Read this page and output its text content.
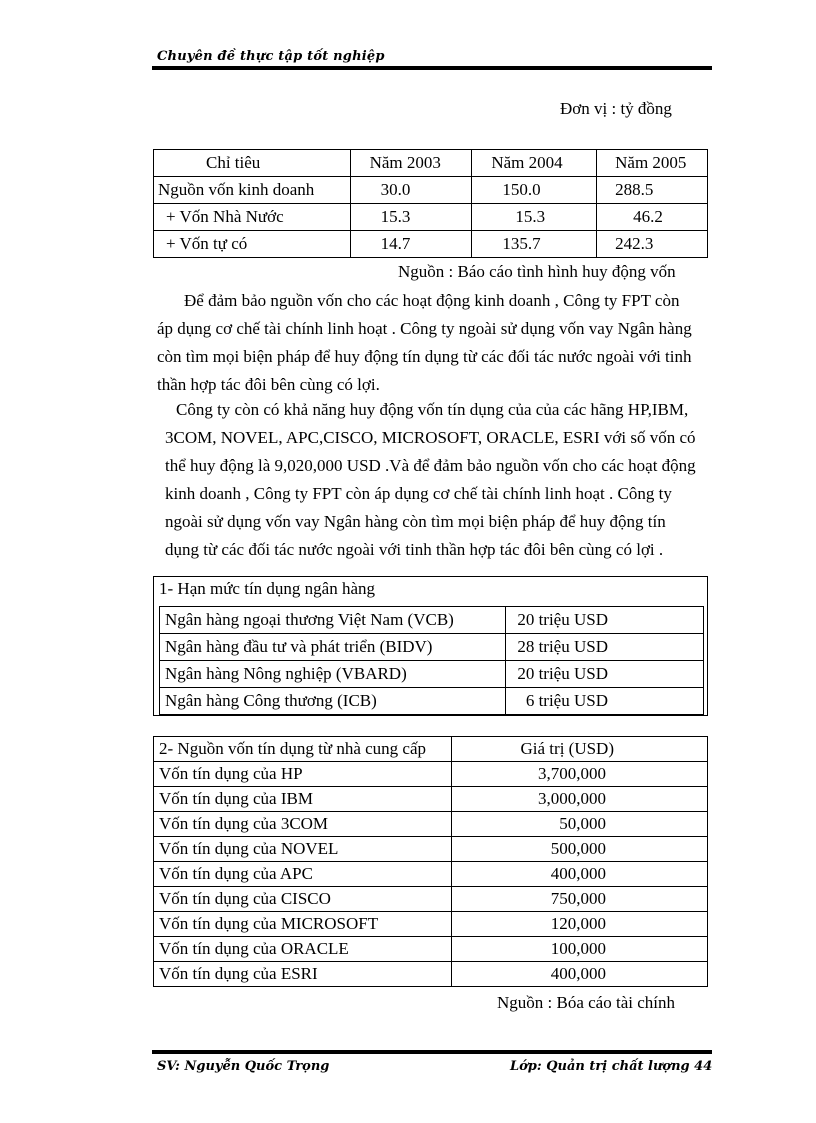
Chuyên đề thực tập tốt nghiệp
Đơn vị : tỷ đồng
Chỉ tiêu	Năm 2003	Năm 2004	Năm 2005
Nguồn vốn kinh doanh	30.0	150.0	288.5
+ Vốn Nhà Nước	15.3	15.3	46.2
+ Vốn tự có	14.7	135.7	242.3
Nguồn : Báo cáo tình hình huy động vốn
Để đảm bảo nguồn vốn cho các hoạt động kinh doanh , Công ty FPT còn
áp dụng cơ chế tài chính linh hoạt . Công ty ngoài sử dụng vốn vay Ngân hàng
còn tìm mọi biện pháp để huy động tín dụng từ các đối tác nước ngoài với tinh
thần hợp tác đôi bên cùng có lợi.
Công ty còn có khả năng huy động vốn tín dụng của của các hãng HP,IBM,
3COM, NOVEL, APC,CISCO, MICROSOFT, ORACLE, ESRI với số vốn có
thể huy động là 9,020,000 USD .Và để đảm bảo nguồn vốn cho các hoạt động
kinh doanh , Công ty FPT còn áp dụng cơ chế tài chính linh hoạt . Công ty
ngoài sử dụng vốn vay Ngân hàng còn tìm mọi biện pháp để huy động tín
dụng từ các đối tác nước ngoài với tinh thần hợp tác đôi bên cùng có lợi .
1- Hạn mức tín dụng ngân hàng
Ngân hàng ngoại thương Việt Nam (VCB)	20 triệu USD
Ngân hàng đầu tư và phát triển (BIDV)	28 triệu USD
Ngân hàng Nông nghiệp (VBARD)	20 triệu USD
Ngân hàng Công thương (ICB)	6 triệu USD
2- Nguồn vốn tín dụng từ nhà cung cấp	Giá trị (USD)
Vốn tín dụng của HP	3,700,000
Vốn tín dụng của IBM	3,000,000
Vốn tín dụng của 3COM	50,000
Vốn tín dụng của NOVEL	500,000
Vốn tín dụng của APC	400,000
Vốn tín dụng của CISCO	750,000
Vốn tín dụng của MICROSOFT	120,000
Vốn tín dụng của ORACLE	100,000
Vốn tín dụng của ESRI	400,000
Nguồn : Bóa cáo tài chính
SV: Nguyễn Quốc Trọng	Lớp: Quản trị chất lượng 44
